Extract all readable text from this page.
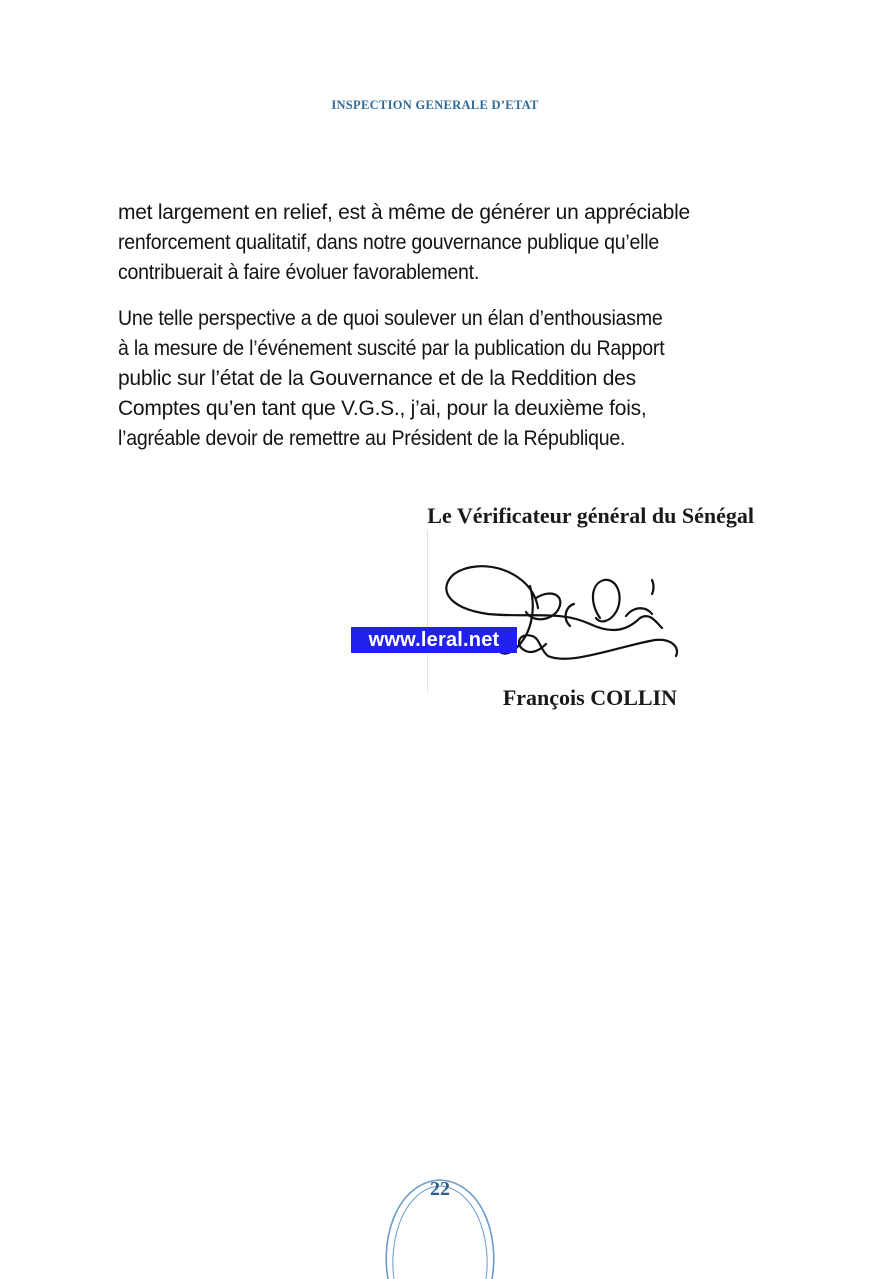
INSPECTION GENERALE D’ETAT
met largement en relief, est à même de générer un appréciable
renforcement qualitatif, dans notre gouvernance publique qu’elle
contribuerait à faire évoluer favorablement.
Une telle perspective a de quoi soulever un élan d’enthousiasme
à la mesure de l’événement suscité par la publication du Rapport
public sur l’état de la Gouvernance et de la Reddition des
Comptes qu’en tant que V.G.S., j’ai, pour la deuxième fois,
l’agréable devoir de remettre au Président de la République.
Le Vérificateur général du Sénégal
www.leral.net
François COLLIN
22
